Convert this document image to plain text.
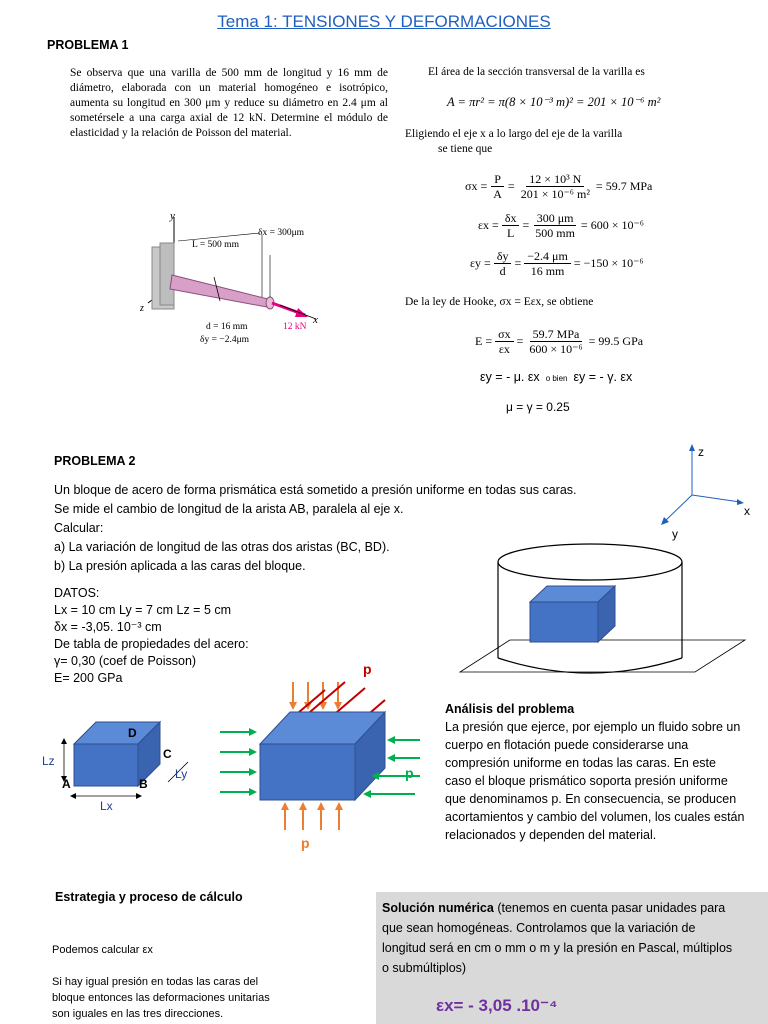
Tema 1: TENSIONES Y DEFORMACIONES
PROBLEMA 1
Se observa que una varilla de 500 mm de longitud y 16 mm de diámetro, elaborada con un material homogéneo e isotrópico, aumenta su longitud en 300 μm y reduce su diámetro en 2.4 μm al sometérsele a una carga axial de 12 kN. Determine el módulo de elasticidad y la relación de Poisson del material.
El área de la sección transversal de la varilla es
A = πr² = π(8 × 10⁻³ m)² = 201 × 10⁻⁶ m²
Eligiendo el eje x a lo largo del eje de la varilla
se tiene que
$\sigma x = \frac{P}{A} = \frac{\text{12 × 10³ N}}{\text{201 × 10⁻⁶ m²}} = 59.7$ MPa
$\varepsilon x = \frac{\delta x}{L} = \frac{300 \mu m}{500 mm} = 600 \times 10^{-6}$
$\varepsilon y = \frac{\delta y}{d} = \frac{-2.4 \mu m}{16 mm} = -150 \times 10^{-6}$
De la ley de Hooke, σx = Eεx, se obtiene
$E = \frac{\sigma x}{\varepsilon x} = \frac{\text{59.7 MPa}}{\text{600 × 10⁻⁶}} = 99.5$ GPa
εy = - μ. εx o bien εy = - γ. εx
μ = γ = 0.25
y
z
x
L = 500 mm
δx = 300μm
d = 16 mm
δy = −2.4μm
12 kN
PROBLEMA 2
Un bloque de acero de forma prismática está sometido a presión uniforme en todas sus caras.
Se mide el cambio de longitud de la arista AB, paralela al eje x.
Calcular:
a) La variación de longitud de las otras dos aristas (BC, BD).
b) La presión aplicada a las caras del bloque.
DATOS:
Lx = 10 cm Ly = 7 cm Lz = 5 cm
δx = -3,05. 10⁻³ cm
De tabla de propiedades del acero:
γ= 0,30 (coef de Poisson)
E= 200 GPa
z
x
y
Lz
Lx
Ly
A	B
C
D
p
p
p
Análisis del problema
La presión que ejerce, por ejemplo un fluido sobre un cuerpo en flotación puede considerarse una compresión uniforme en todas las caras. En este caso el bloque prismático soporta presión uniforme que denominamos p. En consecuencia, se producen acortamientos y cambio del volumen, los cuales están relacionados y dependen del material.
Estrategia y proceso de cálculo
Podemos calcular εx
Si hay igual presión en todas las caras del bloque entonces las deformaciones unitarias son iguales en las tres direcciones.
Solución numérica (tenemos en cuenta pasar unidades para que sean homogéneas. Controlamos que la variación de longitud será en cm o mm o m y la presión en Pascal, múltiplos o submúltiplos)
εx= - 3,05 .10⁻⁴
